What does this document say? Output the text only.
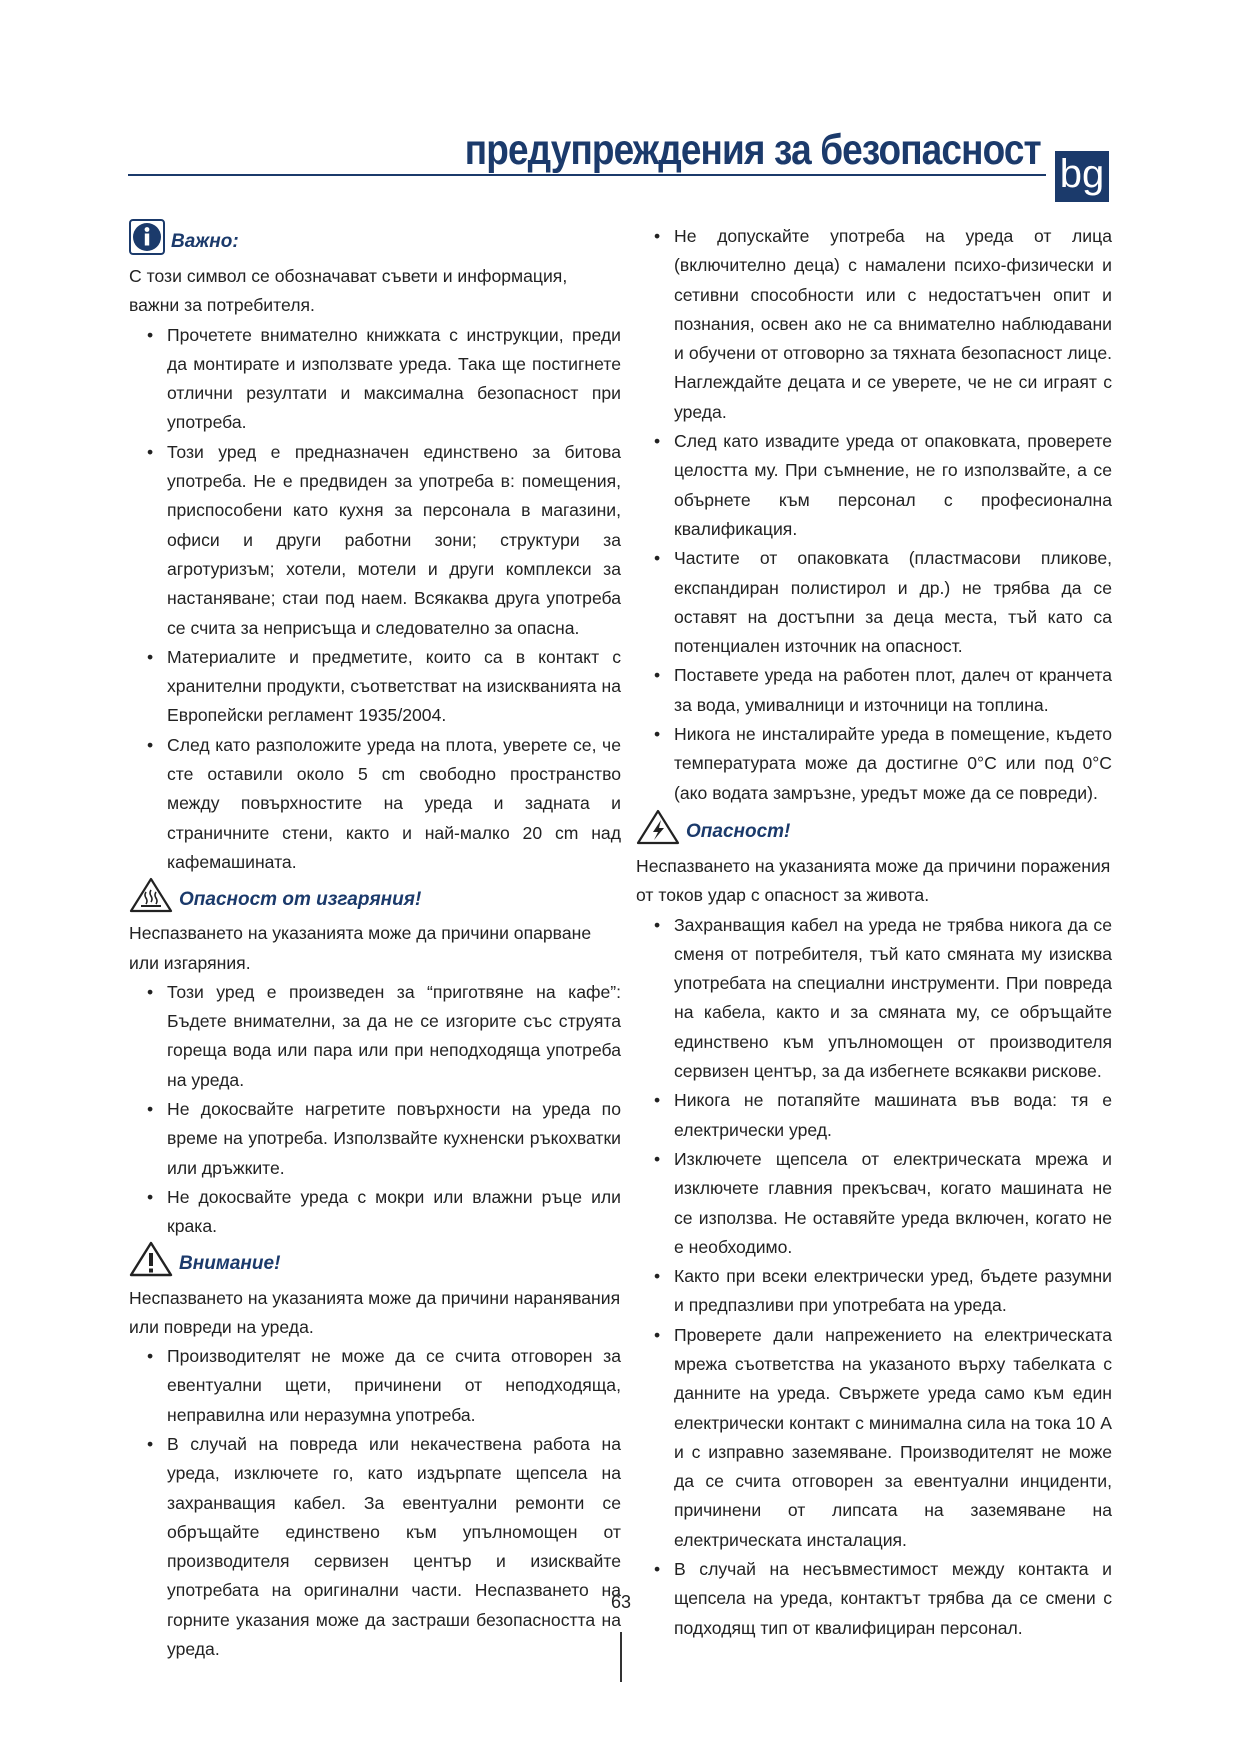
предупреждения за безопасност bg
Важно:

С този символ се обозначават съвети и информация, важни за потребителя.

• Прочетете внимателно книжката с инструкции, преди да монтирате и използвате уреда. Така ще постигнете отлични резултати и максимална безопасност при употреба.
• Този уред е предназначен единствено за битова употреба. Не е предвиден за употреба в: помещения, приспособени като кухня за персонала в магазини, офиси и други работни зони; структури за агротуризъм; хотели, мотели и други комплекси за настаняване; стаи под наем. Всякаква друга употреба се счита за неприсъща и следователно за опасна.
• Материалите и предметите, които са в контакт с хранителни продукти, съответстват на изискванията на Европейски регламент 1935/2004.
• След като разположите уреда на плота, уверете се, че сте оставили около 5 cm свободно пространство между повърхностите на уреда и задната и страничните стени, както и най-малко 20 cm над кафемашината.
Опасност от изгаряния!

Неспазването на указанията може да причини опарване или изгаряния.

• Този уред е произведен за “приготвяне на кафе”: Бъдете внимателни, за да не се изгорите със струята гореща вода или пара или при неподходяща употреба на уреда.
• Не докосвайте нагретите повърхности на уреда по време на употреба. Използвайте кухненски ръкохватки или дръжките.
• Не докосвайте уреда с мокри или влажни ръце или крака.
Внимание!

Неспазването на указанията може да причини наранявания или повреди на уреда.

• Производителят не може да се счита отговорен за евентуални щети, причинени от неподходяща, неправилна или неразумна употреба.
• В случай на повреда или некачествена работа на уреда, изключете го, като издърпате щепсела на захранващия кабел. За евентуални ремонти се обръщайте единствено към упълномощен от производителя сервизен център и изисквайте употребата на оригинални части. Неспазването на горните указания може да застраши безопасността на уреда.
• Не допускайте употреба на уреда от лица (включително деца) с намалени психо-физически и сетивни способности или с недостатъчен опит и познания, освен ако не са внимателно наблюдавани и обучени от отговорно за тяхната безопасност лице. Наглеждайте децата и се уверете, че не си играят с уреда.
• След като извадите уреда от опаковката, проверете целостта му. При съмнение, не го използвайте, а се обърнете към персонал с професионална квалификация.
• Частите от опаковката (пластмасови пликове, експандиран полистирол и др.) не трябва да се оставят на достъпни за деца места, тъй като са потенциален източник на опасност.
• Поставете уреда на работен плот, далеч от кранчета за вода, умивалници и източници на топлина.
• Никога не инсталирайте уреда в помещение, където температурата може да достигне 0°С или под 0°С (ако водата замръзне, уредът може да се повреди).
Опасност!

Неспазването на указанията може да причини поражения от токов удар с опасност за живота.

• Захранващия кабел на уреда не трябва никога да се сменя от потребителя, тъй като смяната му изисква употребата на специални инструменти. При повреда на кабела, както и за смяната му, се обръщайте единствено към упълномощен от производителя сервизен център, за да избегнете всякакви рискове.
• Никога не потапяйте машината във вода: тя е електрически уред.
• Изключете щепсела от електрическата мрежа и изключете главния прекъсвач, когато машината не се използва. Не оставяйте уреда включен, когато не е необходимо.
• Както при всеки електрически уред, бъдете разумни и предпазливи при употребата на уреда.
• Проверете дали напрежението на електрическата мрежа съответства на указаното върху табелката с данните на уреда. Свържете уреда само към един електрически контакт с минимална сила на тока 10 А и с изправно заземяване. Производителят не може да се счита отговорен за евентуални инциденти, причинени от липсата на заземяване на електрическата инсталация.
• В случай на несъвместимост между контакта и щепсела на уреда, контактът трябва да се смени с подходящ тип от квалифициран персонал.
63
